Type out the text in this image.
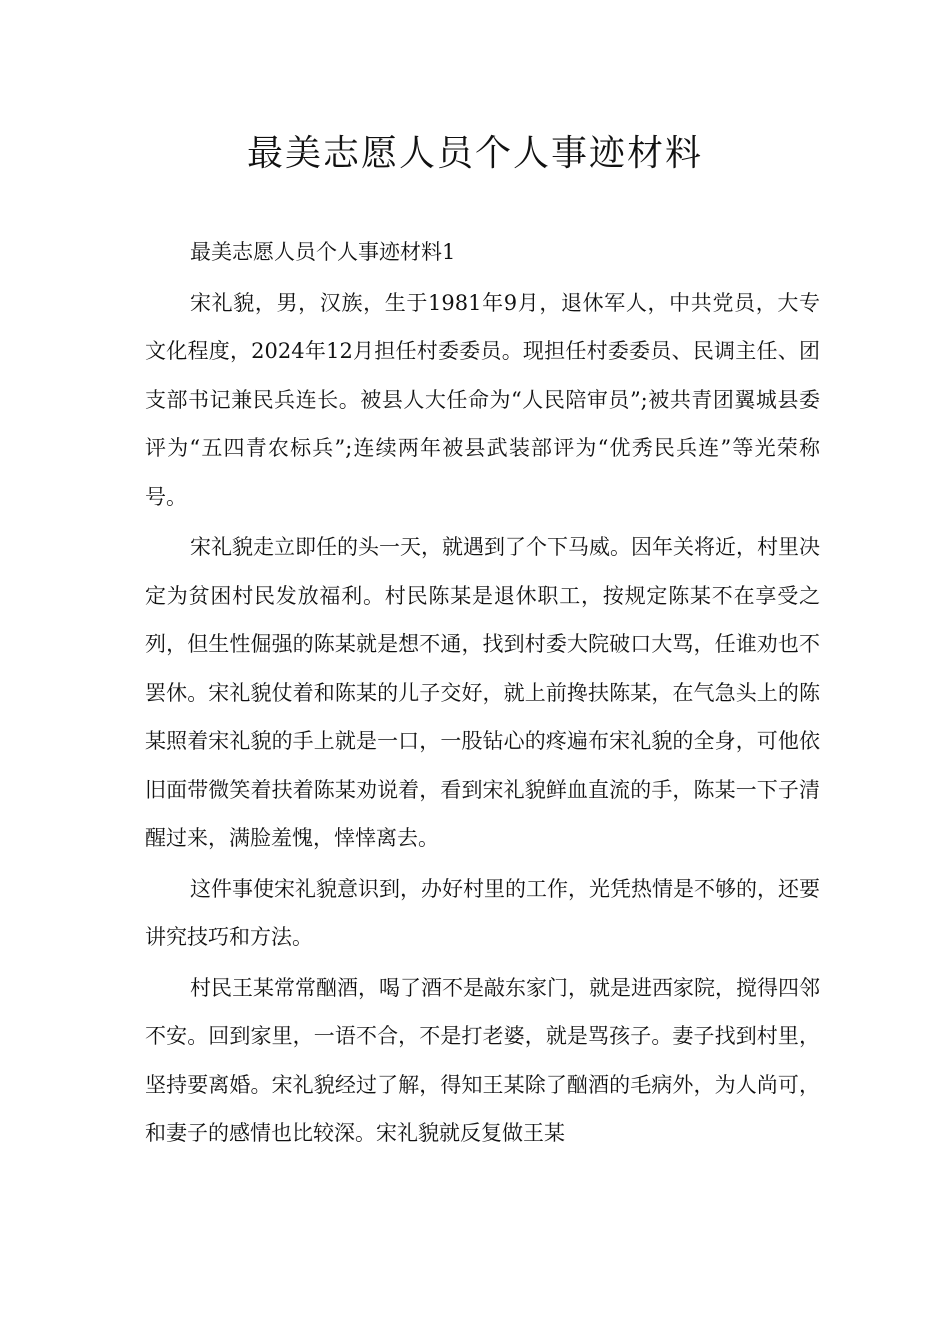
最美志愿人员个人事迹材料

最美志愿人员个人事迹材料1

宋礼貌，男，汉族，生于1981年9月，退休军人，中共党员，大专文化程度，2024年12月担任村委委员。现担任村委委员、民调主任、团支部书记兼民兵连长。被县人大任命为“人民陪审员”;被共青团翼城县委评为“五四青农标兵”;连续两年被县武装部评为“优秀民兵连”等光荣称号。

宋礼貌走立即任的头一天，就遇到了个下马威。因年关将近，村里决定为贫困村民发放福利。村民陈某是退休职工，按规定陈某不在享受之列，但生性倔强的陈某就是想不通，找到村委大院破口大骂，任谁劝也不罢休。宋礼貌仗着和陈某的儿子交好，就上前搀扶陈某，在气急头上的陈某照着宋礼貌的手上就是一口，一股钻心的疼遍布宋礼貌的全身，可他依旧面带微笑着扶着陈某劝说着，看到宋礼貌鲜血直流的手，陈某一下子清醒过来，满脸羞愧，悻悻离去。

这件事使宋礼貌意识到，办好村里的工作，光凭热情是不够的，还要讲究技巧和方法。

村民王某常常酗酒，喝了酒不是敲东家门，就是进西家院，搅得四邻不安。回到家里，一语不合，不是打老婆，就是骂孩子。妻子找到村里，坚持要离婚。宋礼貌经过了解，得知王某除了酗酒的毛病外，为人尚可，和妻子的感情也比较深。宋礼貌就反复做王某
